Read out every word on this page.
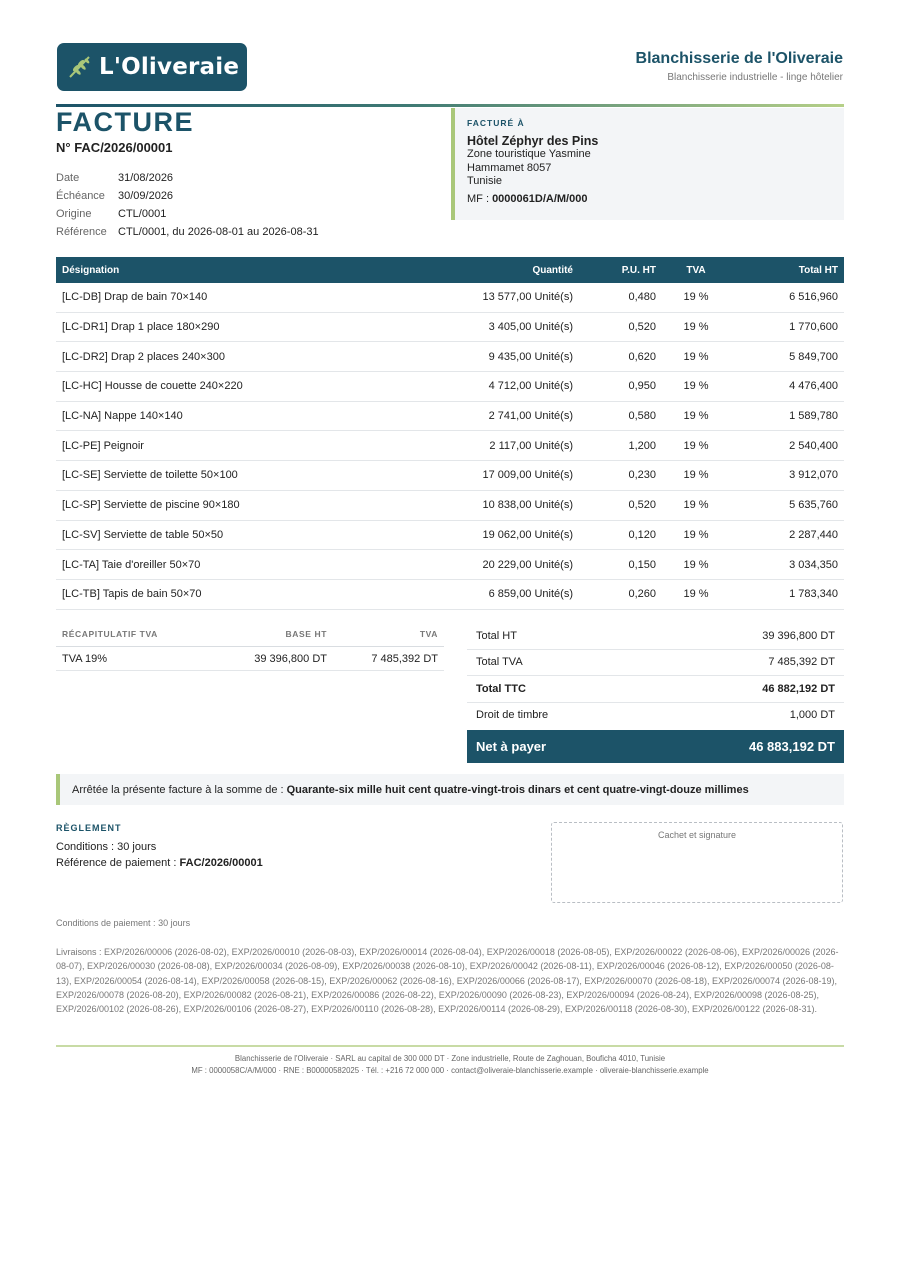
L'Oliveraie	Blanchisserie de l'Oliveraie
Blanchisserie industrielle - linge hôtelier
FACTURE
N° FAC/2026/00001
Date	31/08/2026
Échéance	30/09/2026
Origine	CTL/0001
Référence	CTL/0001, du 2026-08-01 au 2026-08-31
FACTURÉ À
Hôtel Zéphyr des Pins
Zone touristique Yasmine
Hammamet 8057
Tunisie
MF : 0000061D/A/M/000
Désignation	Quantité	P.U. HT	TVA	Total HT
[LC-DB] Drap de bain 70×140	13 577,00 Unité(s)	0,480	19 %	6 516,960
[LC-DR1] Drap 1 place 180×290	3 405,00 Unité(s)	0,520	19 %	1 770,600
[LC-DR2] Drap 2 places 240×300	9 435,00 Unité(s)	0,620	19 %	5 849,700
[LC-HC] Housse de couette 240×220	4 712,00 Unité(s)	0,950	19 %	4 476,400
[LC-NA] Nappe 140×140	2 741,00 Unité(s)	0,580	19 %	1 589,780
[LC-PE] Peignoir	2 117,00 Unité(s)	1,200	19 %	2 540,400
[LC-SE] Serviette de toilette 50×100	17 009,00 Unité(s)	0,230	19 %	3 912,070
[LC-SP] Serviette de piscine 90×180	10 838,00 Unité(s)	0,520	19 %	5 635,760
[LC-SV] Serviette de table 50×50	19 062,00 Unité(s)	0,120	19 %	2 287,440
[LC-TA] Taie d'oreiller 50×70	20 229,00 Unité(s)	0,150	19 %	3 034,350
[LC-TB] Tapis de bain 50×70	6 859,00 Unité(s)	0,260	19 %	1 783,340
RÉCAPITULATIF TVA	BASE HT	TVA
TVA 19%	39 396,800 DT	7 485,392 DT
Total HT	39 396,800 DT
Total TVA	7 485,392 DT
Total TTC	46 882,192 DT
Droit de timbre	1,000 DT
Net à payer	46 883,192 DT
Arrêtée la présente facture à la somme de : Quarante-six mille huit cent quatre-vingt-trois dinars et cent quatre-vingt-douze millimes
RÈGLEMENT
Conditions : 30 jours
Référence de paiement : FAC/2026/00001
Cachet et signature
Conditions de paiement : 30 jours
Livraisons : EXP/2026/00006 (2026-08-02), EXP/2026/00010 (2026-08-03), EXP/2026/00014 (2026-08-04), EXP/2026/00018 (2026-08-05), EXP/2026/00022 (2026-08-06), EXP/2026/00026 (2026-08-07), EXP/2026/00030 (2026-08-08), EXP/2026/00034 (2026-08-09), EXP/2026/00038 (2026-08-10), EXP/2026/00042 (2026-08-11), EXP/2026/00046 (2026-08-12), EXP/2026/00050 (2026-08-13), EXP/2026/00054 (2026-08-14), EXP/2026/00058 (2026-08-15), EXP/2026/00062 (2026-08-16), EXP/2026/00066 (2026-08-17), EXP/2026/00070 (2026-08-18), EXP/2026/00074 (2026-08-19), EXP/2026/00078 (2026-08-20), EXP/2026/00082 (2026-08-21), EXP/2026/00086 (2026-08-22), EXP/2026/00090 (2026-08-23), EXP/2026/00094 (2026-08-24), EXP/2026/00098 (2026-08-25), EXP/2026/00102 (2026-08-26), EXP/2026/00106 (2026-08-27), EXP/2026/00110 (2026-08-28), EXP/2026/00114 (2026-08-29), EXP/2026/00118 (2026-08-30), EXP/2026/00122 (2026-08-31).
Blanchisserie de l'Oliveraie · SARL au capital de 300 000 DT · Zone industrielle, Route de Zaghouan, Bouficha 4010, Tunisie
MF : 0000058C/A/M/000 · RNE : B00000582025 · Tél. : +216 72 000 000 · contact@oliveraie-blanchisserie.example · oliveraie-blanchisserie.example
